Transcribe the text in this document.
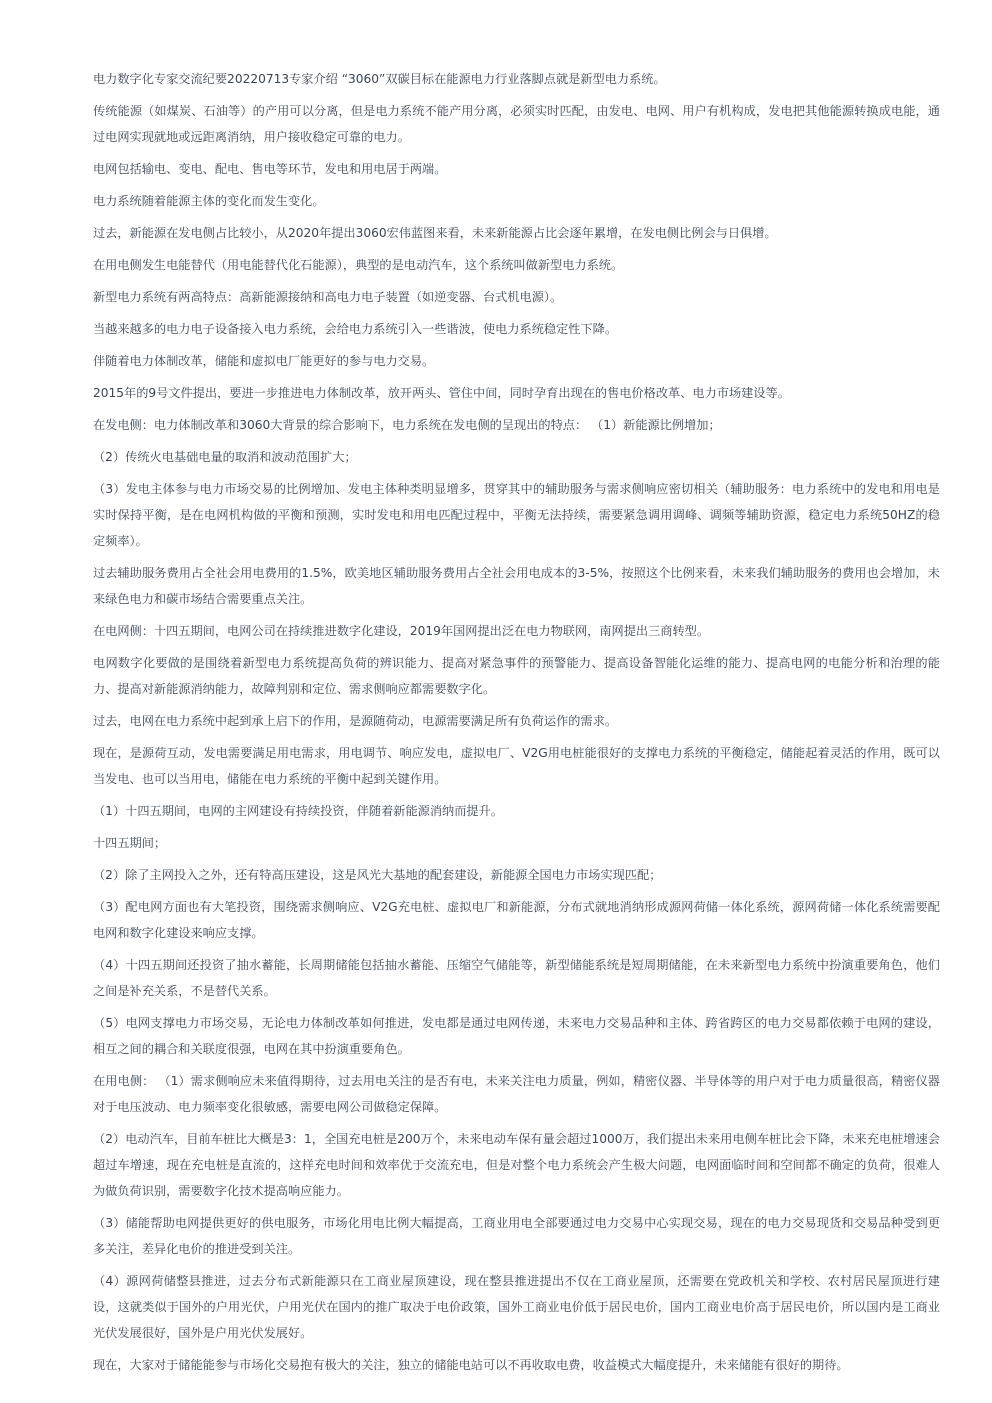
电力数字化专家交流纪要20220713专家介绍 “3060”双碳目标在能源电力行业落脚点就是新型电力系统。

传统能源（如煤炭、石油等）的产用可以分离，但是电力系统不能产用分离，必须实时匹配，由发电、电网、用户有机构成，发电把其他能源转换成电能，通过电网实现就地或远距离消纳，用户接收稳定可靠的电力。

电网包括输电、变电、配电、售电等环节，发电和用电居于两端。

电力系统随着能源主体的变化而发生变化。

过去，新能源在发电侧占比较小，从2020年提出3060宏伟蓝图来看，未来新能源占比会逐年累增，在发电侧比例会与日俱增。

在用电侧发生电能替代（用电能替代化石能源），典型的是电动汽车，这个系统叫做新型电力系统。

新型电力系统有两高特点：高新能源接纳和高电力电子装置（如逆变器、台式机电源）。

当越来越多的电力电子设备接入电力系统，会给电力系统引入一些谐波，使电力系统稳定性下降。

伴随着电力体制改革，储能和虚拟电厂能更好的参与电力交易。

2015年的9号文件提出，要进一步推进电力体制改革，放开两头、管住中间，同时孕育出现在的售电价格改革、电力市场建设等。

在发电侧：电力体制改革和3060大背景的综合影响下，电力系统在发电侧的呈现出的特点： （1）新能源比例增加；

（2）传统火电基础电量的取消和波动范围扩大；

（3）发电主体参与电力市场交易的比例增加、发电主体种类明显增多，贯穿其中的辅助服务与需求侧响应密切相关（辅助服务：电力系统中的发电和用电是实时保持平衡，是在电网机构做的平衡和预测，实时发电和用电匹配过程中，平衡无法持续，需要紧急调用调峰、调频等辅助资源，稳定电力系统50HZ的稳定频率）。

过去辅助服务费用占全社会用电费用的1.5%，欧美地区辅助服务费用占全社会用电成本的3-5%，按照这个比例来看，未来我们辅助服务的费用也会增加，未来绿色电力和碳市场结合需要重点关注。

在电网侧：十四五期间，电网公司在持续推进数字化建设，2019年国网提出泛在电力物联网，南网提出三商转型。

电网数字化要做的是围绕着新型电力系统提高负荷的辨识能力、提高对紧急事件的预警能力、提高设备智能化运维的能力、提高电网的电能分析和治理的能力、提高对新能源消纳能力，故障判别和定位、需求侧响应都需要数字化。

过去，电网在电力系统中起到承上启下的作用，是源随荷动，电源需要满足所有负荷运作的需求。

现在，是源荷互动，发电需要满足用电需求，用电调节、响应发电，虚拟电厂、V2G用电桩能很好的支撑电力系统的平衡稳定，储能起着灵活的作用，既可以当发电、也可以当用电，储能在电力系统的平衡中起到关键作用。

（1）十四五期间，电网的主网建设有持续投资，伴随着新能源消纳而提升。

十四五期间；

（2）除了主网投入之外，还有特高压建设，这是风光大基地的配套建设，新能源全国电力市场实现匹配；

（3）配电网方面也有大笔投资，围绕需求侧响应、V2G充电桩、虚拟电厂和新能源，分布式就地消纳形成源网荷储一体化系统，源网荷储一体化系统需要配电网和数字化建设来响应支撑。

（4）十四五期间还投资了抽水蓄能，长周期储能包括抽水蓄能、压缩空气储能等，新型储能系统是短周期储能，在未来新型电力系统中扮演重要角色，他们之间是补充关系，不是替代关系。

（5）电网支撑电力市场交易，无论电力体制改革如何推进，发电都是通过电网传递，未来电力交易品种和主体、跨省跨区的电力交易都依赖于电网的建设，相互之间的耦合和关联度很强，电网在其中扮演重要角色。

在用电侧： （1）需求侧响应未来值得期待，过去用电关注的是否有电，未来关注电力质量，例如，精密仪器、半导体等的用户对于电力质量很高，精密仪器对于电压波动、电力频率变化很敏感，需要电网公司做稳定保障。

（2）电动汽车，目前车桩比大概是3：1，全国充电桩是200万个，未来电动车保有量会超过1000万，我们提出未来用电侧车桩比会下降，未来充电桩增速会超过车增速，现在充电桩是直流的，这样充电时间和效率优于交流充电，但是对整个电力系统会产生极大问题，电网面临时间和空间都不确定的负荷，很难人为做负荷识别，需要数字化技术提高响应能力。

（3）储能帮助电网提供更好的供电服务，市场化用电比例大幅提高，工商业用电全部要通过电力交易中心实现交易，现在的电力交易现货和交易品种受到更多关注，差异化电价的推进受到关注。

（4）源网荷储整县推进，过去分布式新能源只在工商业屋顶建设，现在整县推进提出不仅在工商业屋顶，还需要在党政机关和学校、农村居民屋顶进行建设，这就类似于国外的户用光伏，户用光伏在国内的推广取决于电价政策，国外工商业电价低于居民电价，国内工商业电价高于居民电价，所以国内是工商业光伏发展很好，国外是户用光伏发展好。

现在，大家对于储能能参与市场化交易抱有极大的关注，独立的储能电站可以不再收取电费，收益模式大幅度提升，未来储能有很好的期待。
